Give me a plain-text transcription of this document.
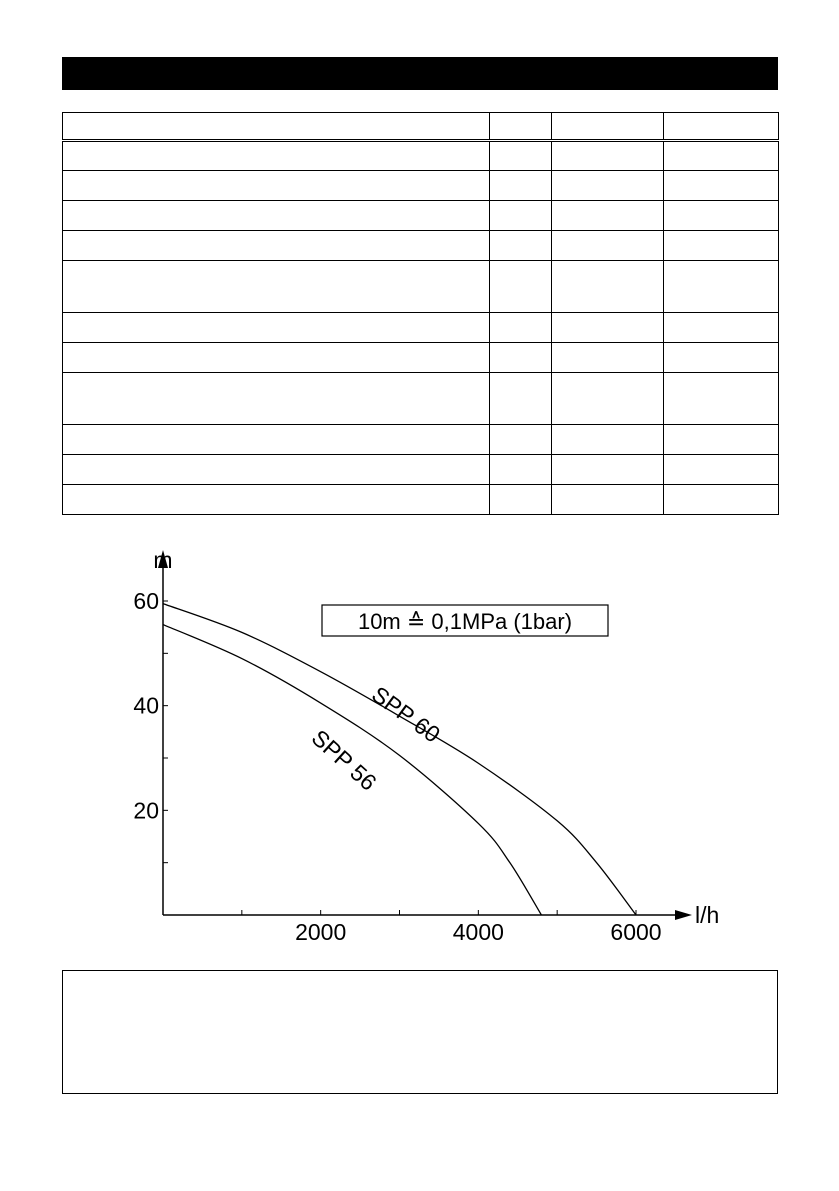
2000	4000	6000
60
40
20
m
l/h
SPP 60
SPP 56
10m ≙ 0,1MPa (1bar)
